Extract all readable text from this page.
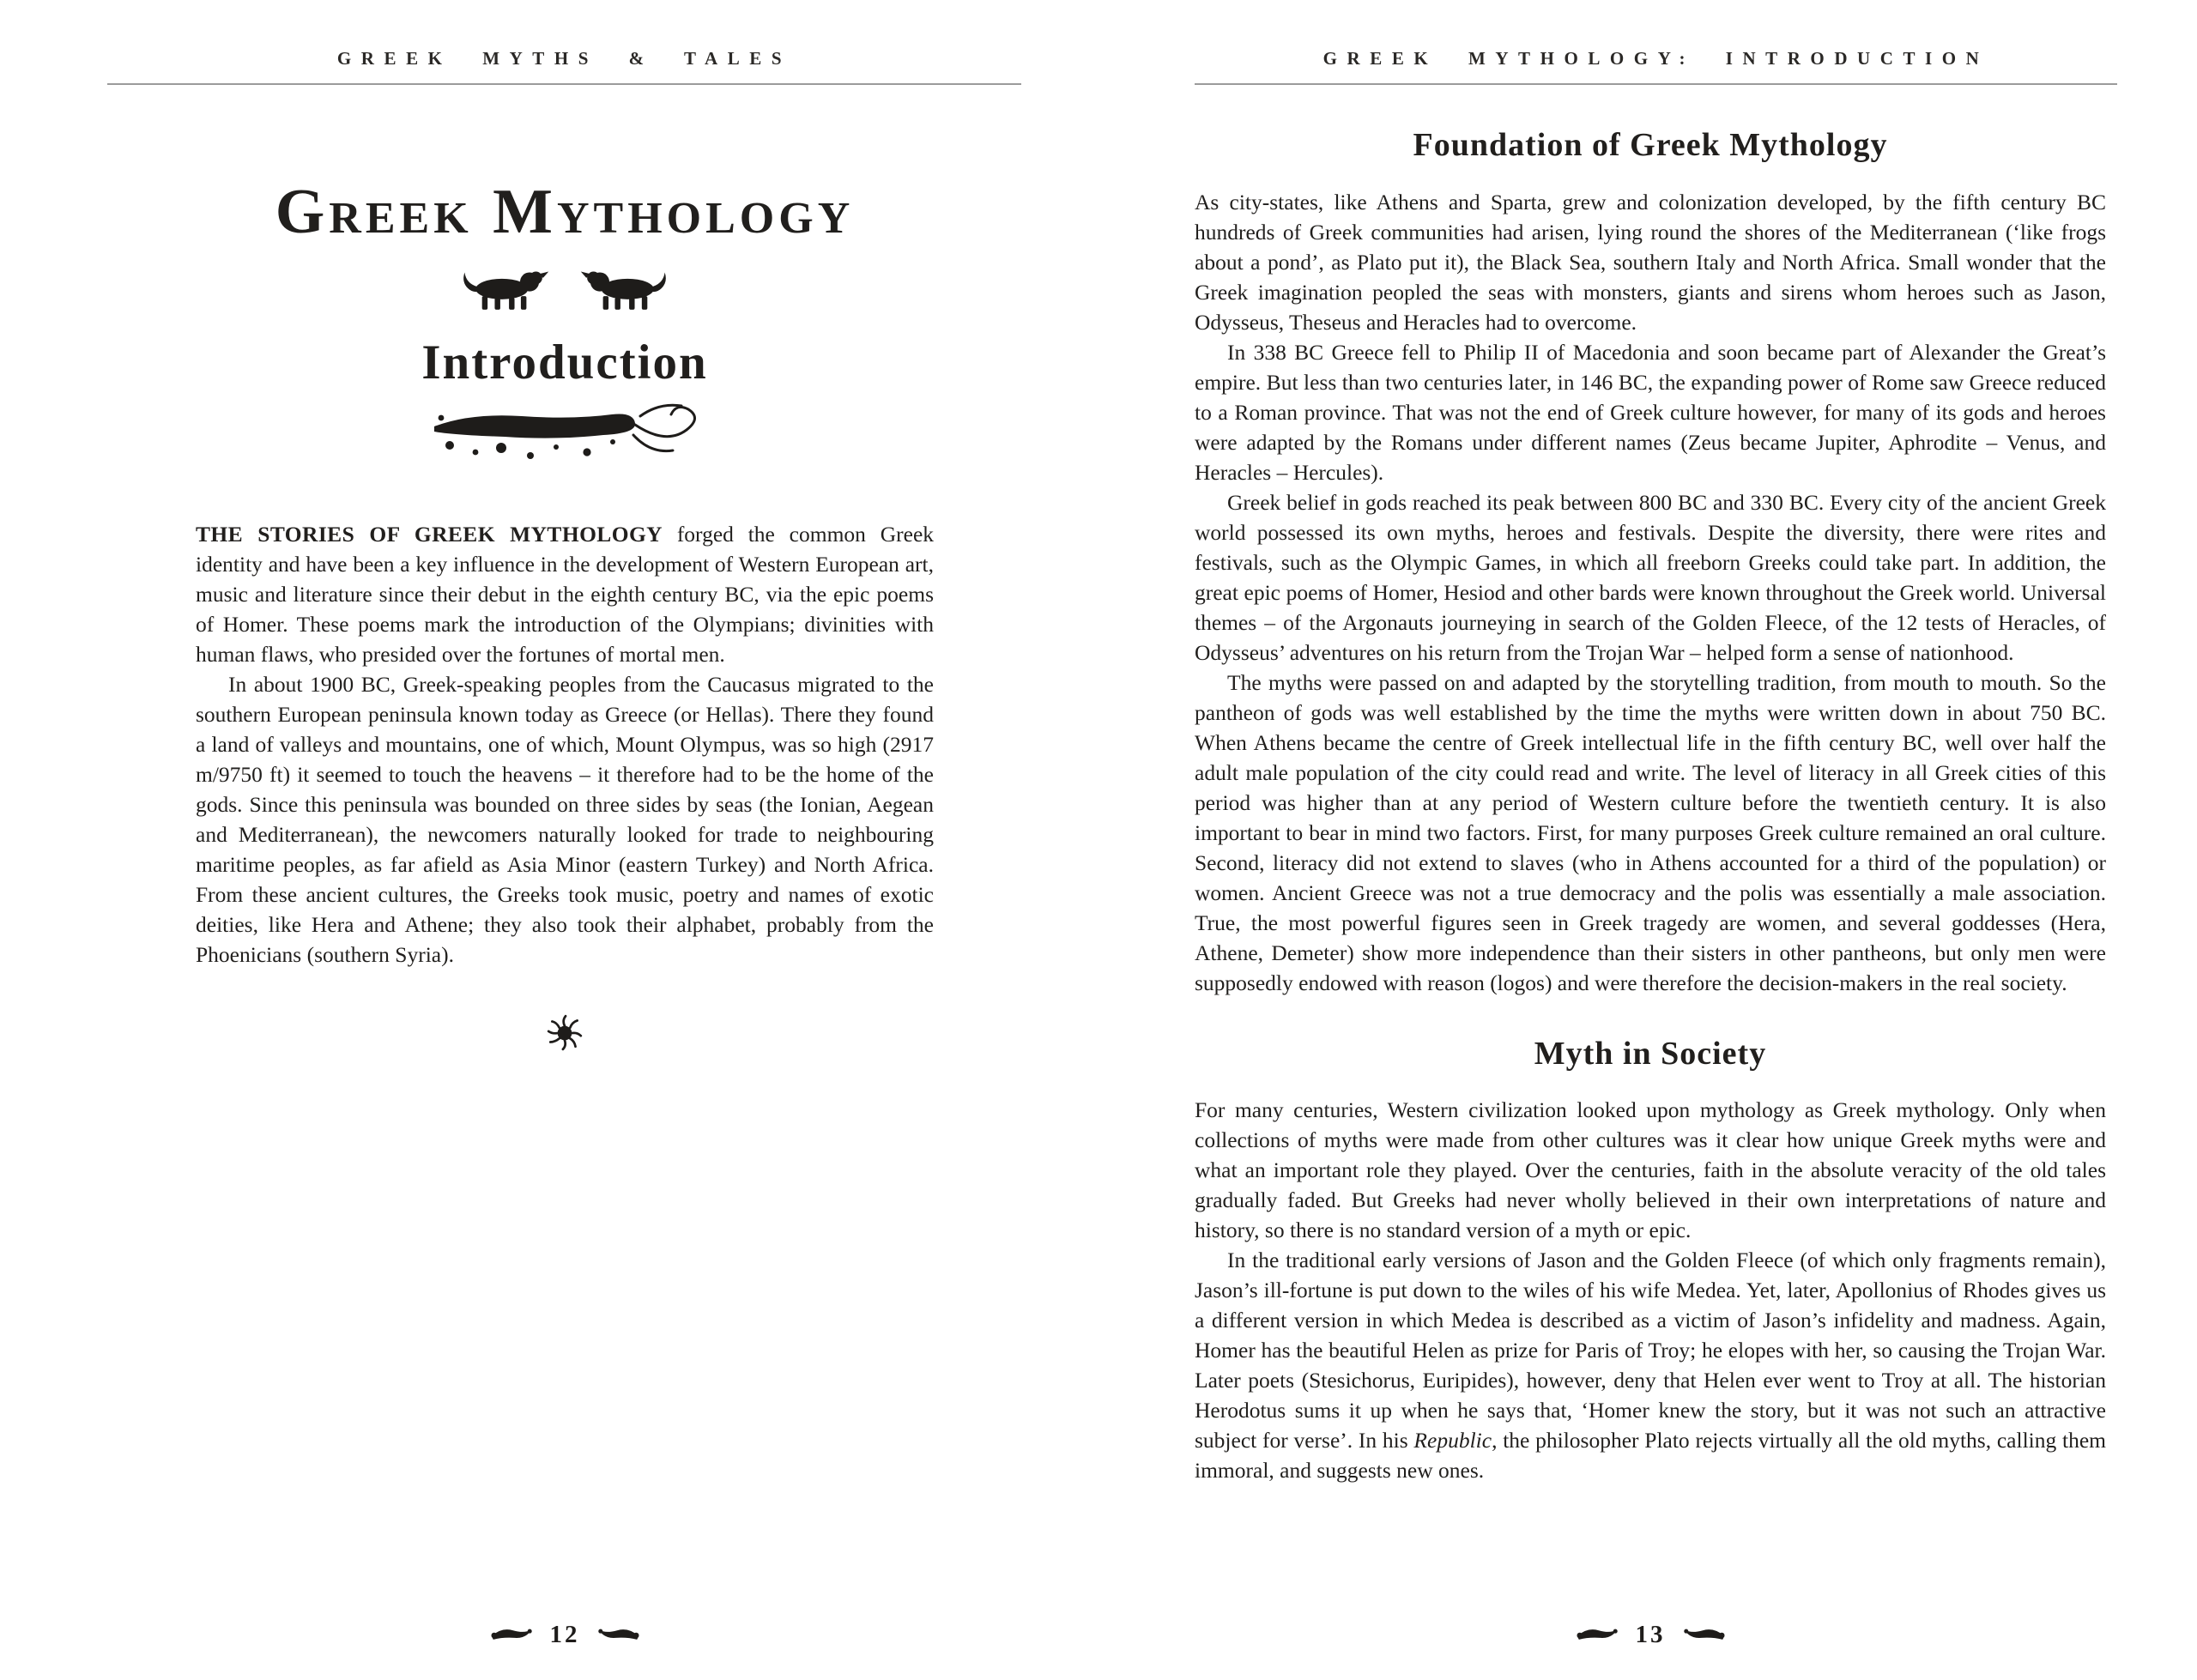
GREEK MYTHS & TALES
Greek Mythology
Introduction

THE STORIES OF GREEK MYTHOLOGY forged the common Greek identity and have been a key influence in the development of Western European art, music and literature since their debut in the eighth century BC, via the epic poems of Homer. These poems mark the introduction of the Olympians; divinities with human flaws, who presided over the fortunes of mortal men.

In about 1900 BC, Greek-speaking peoples from the Caucasus migrated to the southern European peninsula known today as Greece (or Hellas). There they found a land of valleys and mountains, one of which, Mount Olympus, was so high (2917 m/9750 ft) it seemed to touch the heavens – it therefore had to be the home of the gods. Since this peninsula was bounded on three sides by seas (the Ionian, Aegean and Mediterranean), the newcomers naturally looked for trade to neighbouring maritime peoples, as far afield as Asia Minor (eastern Turkey) and North Africa. From these ancient cultures, the Greeks took music, poetry and names of exotic deities, like Hera and Athene; they also took their alphabet, probably from the Phoenicians (southern Syria).

12
GREEK MYTHOLOGY: INTRODUCTION
Foundation of Greek Mythology

As city-states, like Athens and Sparta, grew and colonization developed, by the fifth century BC hundreds of Greek communities had arisen, lying round the shores of the Mediterranean (‘like frogs about a pond’, as Plato put it), the Black Sea, southern Italy and North Africa. Small wonder that the Greek imagination peopled the seas with monsters, giants and sirens whom heroes such as Jason, Odysseus, Theseus and Heracles had to overcome.

In 338 BC Greece fell to Philip II of Macedonia and soon became part of Alexander the Great’s empire. But less than two centuries later, in 146 BC, the expanding power of Rome saw Greece reduced to a Roman province. That was not the end of Greek culture however, for many of its gods and heroes were adapted by the Romans under different names (Zeus became Jupiter, Aphrodite – Venus, and Heracles – Hercules).

Greek belief in gods reached its peak between 800 BC and 330 BC. Every city of the ancient Greek world possessed its own myths, heroes and festivals. Despite the diversity, there were rites and festivals, such as the Olympic Games, in which all freeborn Greeks could take part. In addition, the great epic poems of Homer, Hesiod and other bards were known throughout the Greek world. Universal themes – of the Argonauts journeying in search of the Golden Fleece, of the 12 tests of Heracles, of Odysseus’ adventures on his return from the Trojan War – helped form a sense of nationhood.

The myths were passed on and adapted by the storytelling tradition, from mouth to mouth. So the pantheon of gods was well established by the time the myths were written down in about 750 BC. When Athens became the centre of Greek intellectual life in the fifth century BC, well over half the adult male population of the city could read and write. The level of literacy in all Greek cities of this period was higher than at any period of Western culture before the twentieth century. It is also important to bear in mind two factors. First, for many purposes Greek culture remained an oral culture. Second, literacy did not extend to slaves (who in Athens accounted for a third of the population) or women. Ancient Greece was not a true democracy and the polis was essentially a male association. True, the most powerful figures seen in Greek tragedy are women, and several goddesses (Hera, Athene, Demeter) show more independence than their sisters in other pantheons, but only men were supposedly endowed with reason (logos) and were therefore the decision-makers in the real society.

Myth in Society

For many centuries, Western civilization looked upon mythology as Greek mythology. Only when collections of myths were made from other cultures was it clear how unique Greek myths were and what an important role they played. Over the centuries, faith in the absolute veracity of the old tales gradually faded. But Greeks had never wholly believed in their own interpretations of nature and history, so there is no standard version of a myth or epic.

In the traditional early versions of Jason and the Golden Fleece (of which only fragments remain), Jason’s ill-fortune is put down to the wiles of his wife Medea. Yet, later, Apollonius of Rhodes gives us a different version in which Medea is described as a victim of Jason’s infidelity and madness. Again, Homer has the beautiful Helen as prize for Paris of Troy; he elopes with her, so causing the Trojan War. Later poets (Stesichorus, Euripides), however, deny that Helen ever went to Troy at all. The historian Herodotus sums it up when he says that, ‘Homer knew the story, but it was not such an attractive subject for verse’. In his Republic, the philosopher Plato rejects virtually all the old myths, calling them immoral, and suggests new ones.

13
